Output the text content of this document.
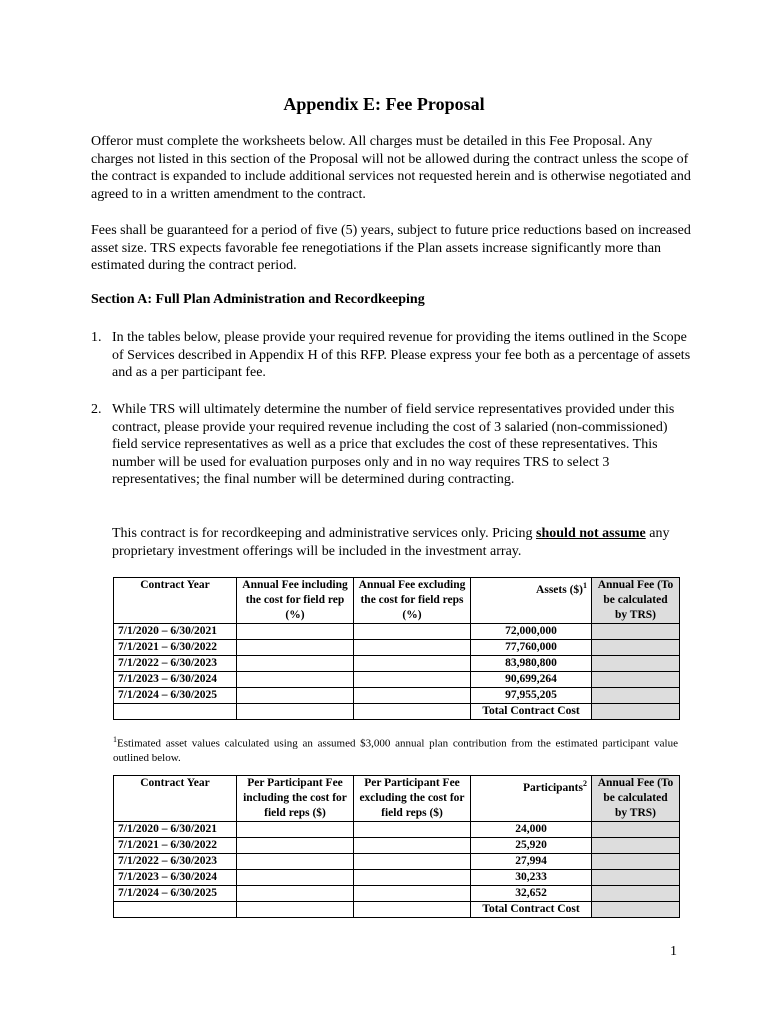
Appendix E: Fee Proposal

Offeror must complete the worksheets below. All charges must be detailed in this Fee Proposal. Any charges not listed in this section of the Proposal will not be allowed during the contract unless the scope of the contract is expanded to include additional services not requested herein and is otherwise negotiated and agreed to in a written amendment to the contract.

Fees shall be guaranteed for a period of five (5) years, subject to future price reductions based on increased asset size. TRS expects favorable fee renegotiations if the Plan assets increase significantly more than estimated during the contract period.

Section A: Full Plan Administration and Recordkeeping
1. In the tables below, please provide your required revenue for providing the items outlined in the Scope of Services described in Appendix H of this RFP. Please express your fee both as a percentage of assets and as a per participant fee.
2. While TRS will ultimately determine the number of field service representatives provided under this contract, please provide your required revenue including the cost of 3 salaried (non-commissioned) field service representatives as well as a price that excludes the cost of these representatives. This number will be used for evaluation purposes only and in no way requires TRS to select 3 representatives; the final number will be determined during contracting.
This contract is for recordkeeping and administrative services only. Pricing should not assume any proprietary investment offerings will be included in the investment array.
Contract Year	Annual Fee including the cost for field rep (%)	Annual Fee excluding the cost for field reps (%)	Assets ($)$^1$	Annual Fee (To be calculated by TRS)
7/1/2020 – 6/30/2021			72,000,000	
7/1/2021 – 6/30/2022			77,760,000	
7/1/2022 – 6/30/2023			83,980,800	
7/1/2023 – 6/30/2024			90,699,264	
7/1/2024 – 6/30/2025			97,955,205	
			Total Contract Cost	
$^1$Estimated asset values calculated using an assumed $3,000 annual plan contribution from the estimated participant value outlined below.
Contract Year	Per Participant Fee including the cost for field reps ($)	Per Participant Fee excluding the cost for field reps ($)	Participants$^2$	Annual Fee (To be calculated by TRS)
7/1/2020 – 6/30/2021			24,000	
7/1/2021 – 6/30/2022			25,920	
7/1/2022 – 6/30/2023			27,994	
7/1/2023 – 6/30/2024			30,233	
7/1/2024 – 6/30/2025			32,652	
			Total Contract Cost	
1
